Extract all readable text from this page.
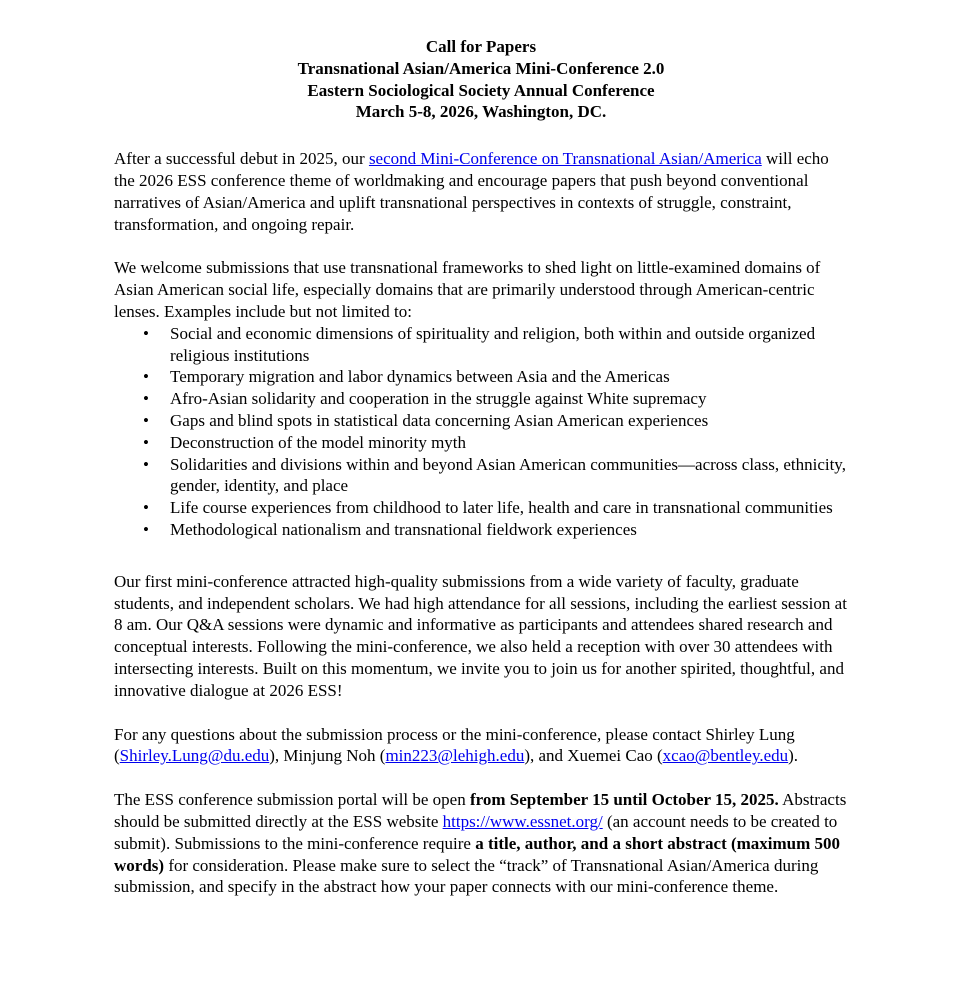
Call for Papers
Transnational Asian/America Mini-Conference 2.0
Eastern Sociological Society Annual Conference
March 5-8, 2026, Washington, DC.

After a successful debut in 2025, our second Mini-Conference on Transnational Asian/America will echo the 2026 ESS conference theme of worldmaking and encourage papers that push beyond conventional narratives of Asian/America and uplift transnational perspectives in contexts of struggle, constraint, transformation, and ongoing repair.

We welcome submissions that use transnational frameworks to shed light on little-examined domains of Asian American social life, especially domains that are primarily understood through American-centric lenses. Examples include but not limited to:

• Social and economic dimensions of spirituality and religion, both within and outside organized religious institutions
• Temporary migration and labor dynamics between Asia and the Americas
• Afro-Asian solidarity and cooperation in the struggle against White supremacy
• Gaps and blind spots in statistical data concerning Asian American experiences
• Deconstruction of the model minority myth
• Solidarities and divisions within and beyond Asian American communities—across class, ethnicity, gender, identity, and place
• Life course experiences from childhood to later life, health and care in transnational communities
• Methodological nationalism and transnational fieldwork experiences

Our first mini-conference attracted high-quality submissions from a wide variety of faculty, graduate students, and independent scholars. We had high attendance for all sessions, including the earliest session at 8 am. Our Q&A sessions were dynamic and informative as participants and attendees shared research and conceptual interests. Following the mini-conference, we also held a reception with over 30 attendees with intersecting interests. Built on this momentum, we invite you to join us for another spirited, thoughtful, and innovative dialogue at 2026 ESS!

For any questions about the submission process or the mini-conference, please contact Shirley Lung (Shirley.Lung@du.edu), Minjung Noh (min223@lehigh.edu), and Xuemei Cao (xcao@bentley.edu).

The ESS conference submission portal will be open from September 15 until October 15, 2025. Abstracts should be submitted directly at the ESS website https://www.essnet.org/ (an account needs to be created to submit). Submissions to the mini-conference require a title, author, and a short abstract (maximum 500 words) for consideration. Please make sure to select the “track” of Transnational Asian/America during submission, and specify in the abstract how your paper connects with our mini-conference theme.
